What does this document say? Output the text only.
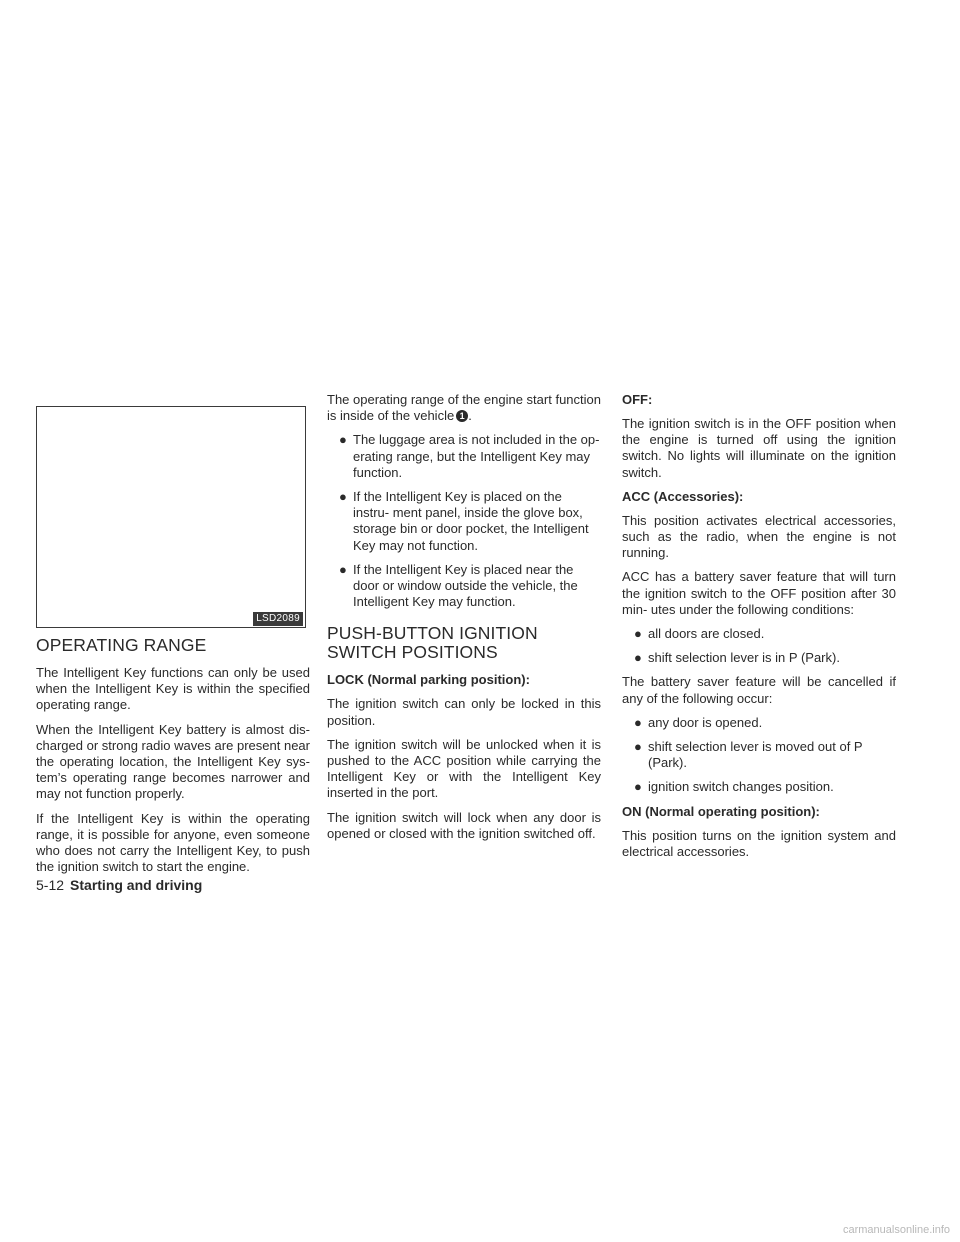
LSD2089
OPERATING RANGE

The Intelligent Key functions can only be used when the Intelligent Key is within the specified operating range.

When the Intelligent Key battery is almost dis- charged or strong radio waves are present near the operating location, the Intelligent Key sys- tem’s operating range becomes narrower and may not function properly.

If the Intelligent Key is within the operating range, it is possible for anyone, even someone who does not carry the Intelligent Key, to push the ignition switch to start the engine.

The operating range of the engine start function is inside of the vehicle 1 .

● The luggage area is not included in the op- erating range, but the Intelligent Key may function.
● If the Intelligent Key is placed on the instru- ment panel, inside the glove box, storage bin or door pocket, the Intelligent Key may not function.
● If the Intelligent Key is placed near the door or window outside the vehicle, the Intelligent Key may function.
PUSH-BUTTON IGNITION SWITCH POSITIONS
LOCK (Normal parking position):

The ignition switch can only be locked in this position.

The ignition switch will be unlocked when it is pushed to the ACC position while carrying the Intelligent Key or with the Intelligent Key inserted in the port.

The ignition switch will lock when any door is opened or closed with the ignition switched off.

OFF:

The ignition switch is in the OFF position when the engine is turned off using the ignition switch. No lights will illuminate on the ignition switch.

ACC (Accessories):

This position activates electrical accessories, such as the radio, when the engine is not running.

ACC has a battery saver feature that will turn the ignition switch to the OFF position after 30 min- utes under the following conditions:

● all doors are closed.
● shift selection lever is in P (Park).

The battery saver feature will be cancelled if any of the following occur:

● any door is opened.
● shift selection lever is moved out of P (Park).
● ignition switch changes position.
ON (Normal operating position):

This position turns on the ignition system and electrical accessories.

5-12 Starting and driving
carmanualsonline.info
